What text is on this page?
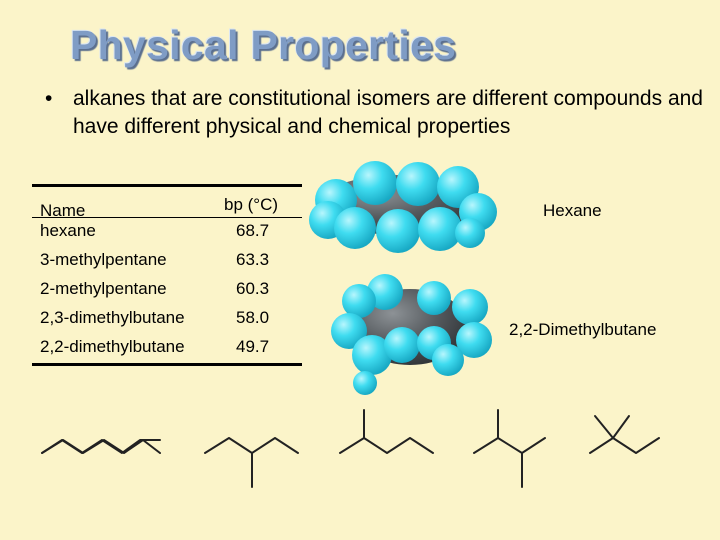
Physical Properties
• alkanes that are constitutional isomers are different compounds and have different physical and chemical properties
Name	bp (°C)
hexane	68.7
3-methylpentane	63.3
2-methylpentane	60.3
2,3-dimethylbutane	58.0
2,2-dimethylbutane	49.7
Hexane
2,2-Dimethylbutane
